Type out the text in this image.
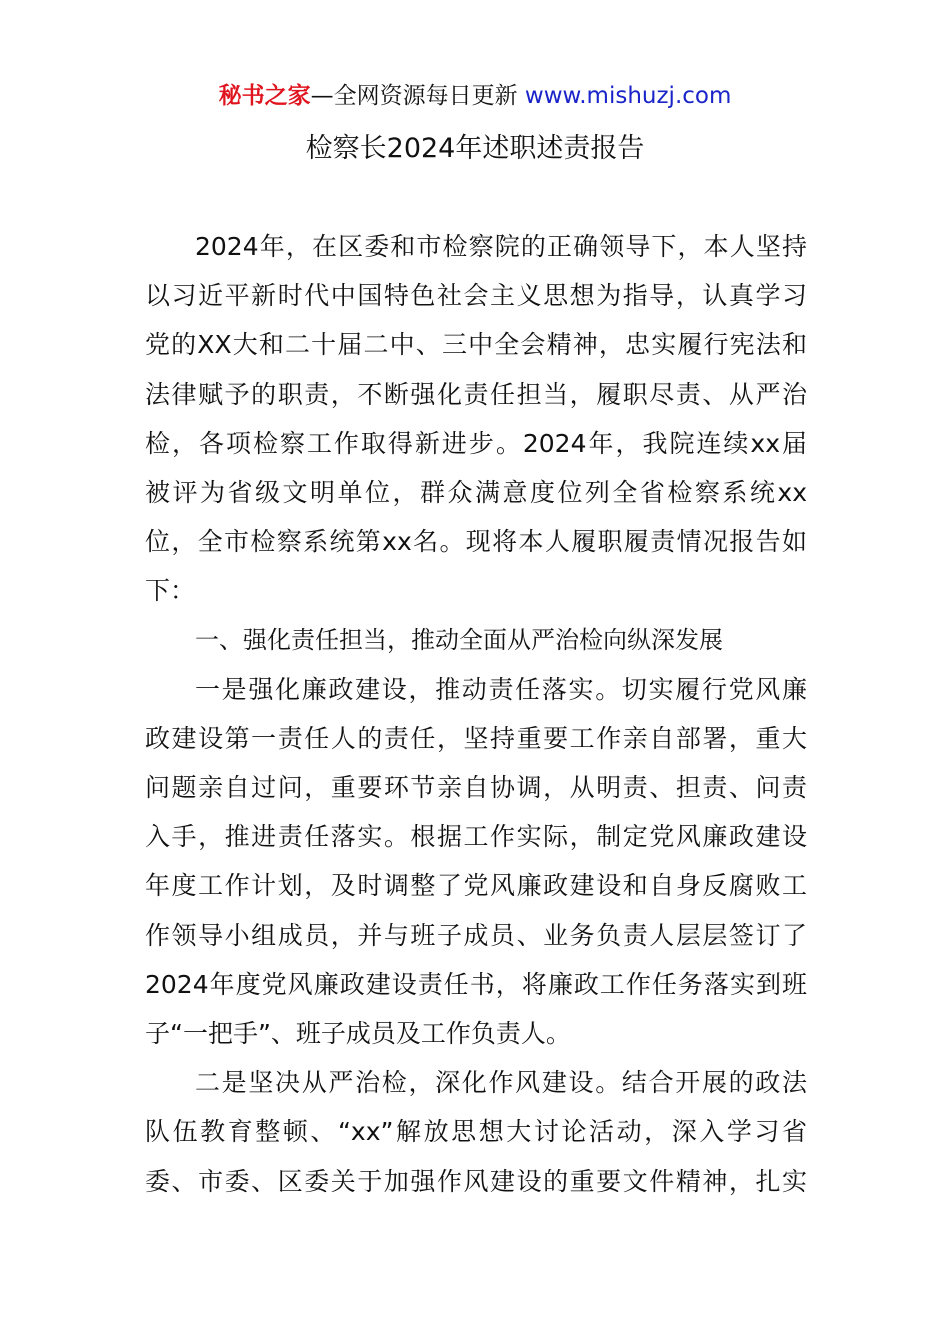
秘书之家—全网资源每日更新 www.mishuzj.com
检察长2024年述职述责报告
2024年，在区委和市检察院的正确领导下，本人坚持
以习近平新时代中国特色社会主义思想为指导，认真学习
党的XX大和二十届二中、三中全会精神，忠实履行宪法和
法律赋予的职责，不断强化责任担当，履职尽责、从严治
检，各项检察工作取得新进步。2024年，我院连续xx届
被评为省级文明单位，群众满意度位列全省检察系统xx
位，全市检察系统第xx名。现将本人履职履责情况报告如
下：
一、强化责任担当，推动全面从严治检向纵深发展
一是强化廉政建设，推动责任落实。切实履行党风廉
政建设第一责任人的责任，坚持重要工作亲自部署，重大
问题亲自过问，重要环节亲自协调，从明责、担责、问责
入手，推进责任落实。根据工作实际，制定党风廉政建设
年度工作计划，及时调整了党风廉政建设和自身反腐败工
作领导小组成员，并与班子成员、业务负责人层层签订了
2024年度党风廉政建设责任书，将廉政工作任务落实到班
子“一把手”、班子成员及工作负责人。
二是坚决从严治检，深化作风建设。结合开展的政法
队伍教育整顿、“xx”解放思想大讨论活动，深入学习省
委、市委、区委关于加强作风建设的重要文件精神，扎实
